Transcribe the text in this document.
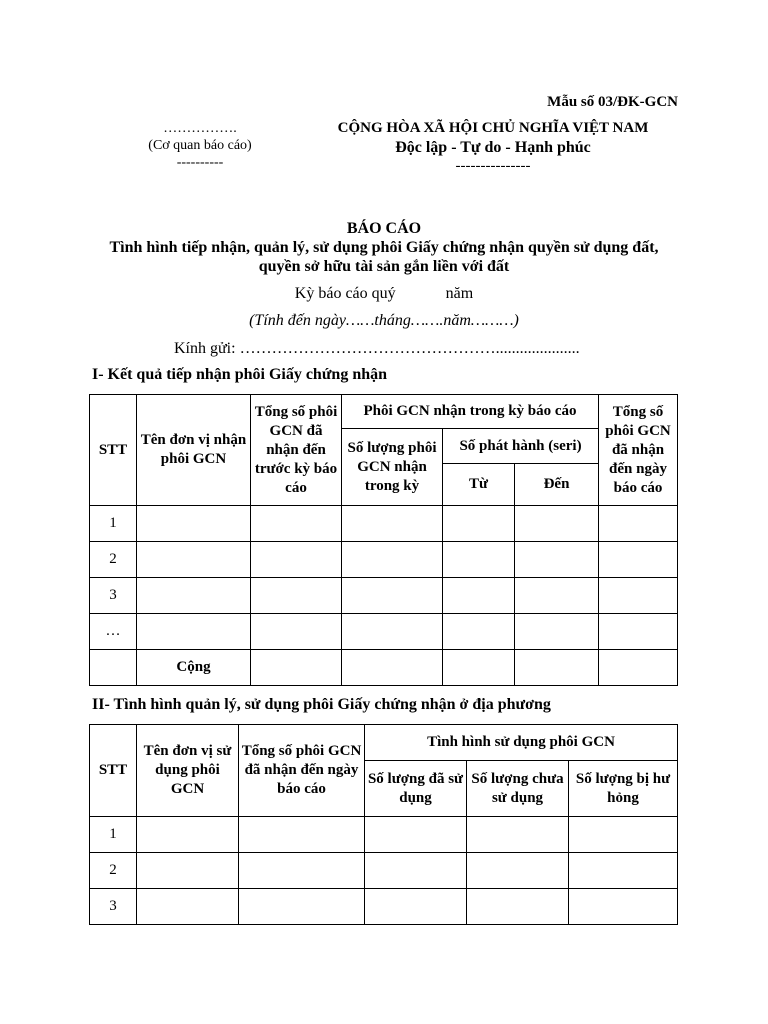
Mẫu số 03/ĐK-GCN
…………….
(Cơ quan báo cáo)
----------
CỘNG HÒA XÃ HỘI CHỦ NGHĨA VIỆT NAM
Độc lập - Tự do - Hạnh phúc
---------------
BÁO CÁO
Tình hình tiếp nhận, quản lý, sử dụng phôi Giấy chứng nhận quyền sử dụng đất,
quyền sở hữu tài sản gắn liền với đất
Kỳ báo cáo quý	năm
(Tính đến ngày……tháng…….năm………)
Kính gửi: ………………………………………….....................
I- Kết quả tiếp nhận phôi Giấy chứng nhận
STT	Tên đơn vị nhận phôi GCN	Tổng số phôi GCN đã nhận đến trước kỳ báo cáo	Phôi GCN nhận trong kỳ báo cáo			Tổng số phôi GCN đã nhận đến ngày báo cáo
			Số lượng phôi GCN nhận trong kỳ	Số phát hành (seri)		
				Từ	Đến	
1						
2						
3						
…						
	Cộng					
II- Tình hình quản lý, sử dụng phôi Giấy chứng nhận ở địa phương
STT	Tên đơn vị sử dụng phôi GCN	Tổng số phôi GCN đã nhận đến ngày báo cáo	Tình hình sử dụng phôi GCN		
			Số lượng đã sử dụng	Số lượng chưa sử dụng	Số lượng bị hư hỏng
1					
2					
3					
